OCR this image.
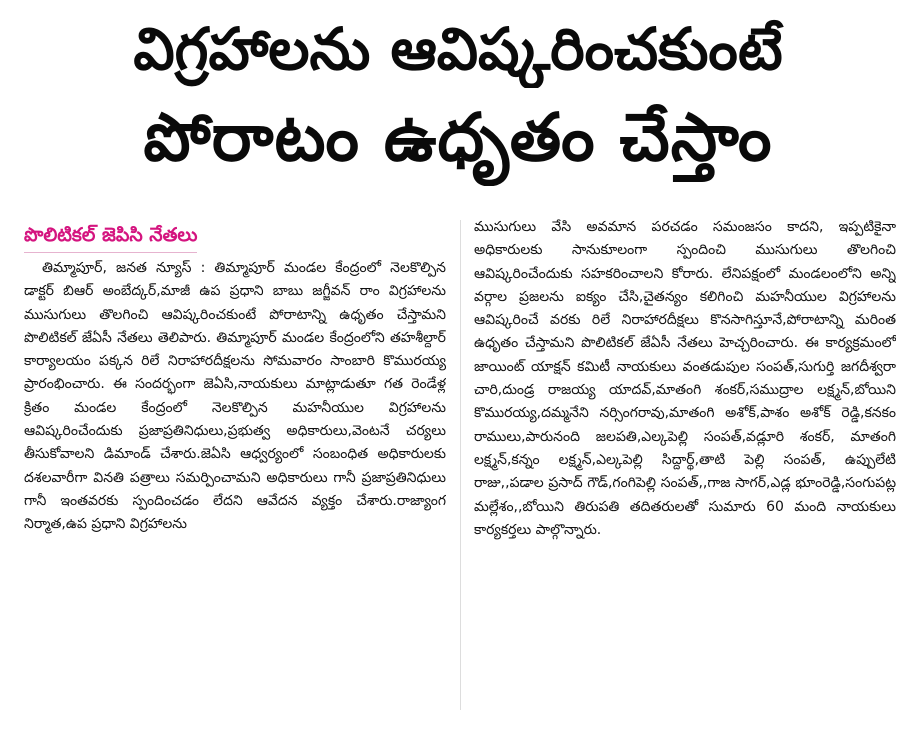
విగ్రహాలను ఆవిష్కరించకుంటే
పోరాటం ఉధృతం చేస్తాం
పొలిటికల్ జెపిసి నేతలు
తిమ్మాపూర్, జనత న్యూస్ : తిమ్మాపూర్ మండల కేంద్రంలో నెలకొల్పిన డాక్టర్ బిఆర్ అంబేద్కర్,మాజీ ఉప ప్రధాని బాబు జగ్జీవన్ రాం విగ్రహాలను ముసుగులు తొలగించి ఆవిష్కరించకుంటే పోరాటాన్ని ఉధృతం చేస్తామని పొలిటికల్ జేఏసీ నేతలు తెలిపారు. తిమ్మాపూర్ మండల కేంద్రంలోని తహశీల్దార్ కార్యాలయం పక్కన రిలే నిరాహారదీక్షలను సోమవారం సాంబారి కొమురయ్య ప్రారంభించారు. ఈ సందర్భంగా జెఏసి,నాయకులు మాట్లాడుతూ గత రెండేళ్ల క్రితం మండల కేంద్రంలో నెలకొల్పిన మహనీయుల విగ్రహాలను ఆవిష్కరించేందుకు ప్రజాప్రతినిధులు,ప్రభుత్వ అధికారులు,వెంటనే చర్యలు తీసుకోవాలని డిమాండ్ చేశారు.జెఏసి ఆధ్వర్యంలో సంబంధిత అధికారులకు దశలవారీగా వినతి పత్రాలు సమర్పించామని అధికారులు గానీ ప్రజాప్రతినిధులు గానీ ఇంతవరకు స్పందించడం లేదని ఆవేదన వ్యక్తం చేశారు.రాజ్యాంగ నిర్మాత,ఉప ప్రధాని విగ్రహాలను
ముసుగులు వేసి అవమాన పరచడం సమంజసం కాదని, ఇప్పటికైనా అధికారులకు సానుకూలంగా స్పందించి ముసుగులు తొలగించి ఆవిష్కరించేందుకు సహకరించాలని కోరారు. లేనిపక్షంలో మండలంలోని అన్ని వర్గాల ప్రజలను ఐక్యం చేసి,చైతన్యం కలిగించి మహనీయుల విగ్రహాలను ఆవిష్కరించే వరకు రిలే నిరాహారదీక్షలు కొనసాగిస్తూనే,పోరాటాన్ని మరింత ఉధృతం చేస్తామని పొలిటికల్ జేఏసీ నేతలు హెచ్చరించారు. ఈ కార్యక్రమంలో జాయింట్ యాక్షన్ కమిటీ నాయకులు వంతడుపుల సంపత్,సుగుర్తి జగదీశ్వరా చారి,దుండ్ర రాజయ్య యాదవ్,మాతంగి శంకర్,సముద్రాల లక్ష్మన్,బోయిని కొమురయ్య,దమ్మనేని నర్సింగరావు,మాతంగి అశోక్,పాశం అశోక్ రెడ్డి,కనకం రాములు,పారునంది జలపతి,ఎల్కపెల్లి సంపత్,వడ్లూరి శంకర్, మాతంగి లక్ష్మన్,కన్నం లక్ష్మన్,ఎల్కపెల్లి సిద్దార్థ్,తాటి పెల్లి సంపత్, ఉప్పులేటి రాజు,,పడాల ప్రసాద్ గౌడ్,గంగిపెల్లి సంపత్,,గాజ సాగర్,ఎడ్ల భూంరెడ్డి,సంగుపట్ల మల్లేశం,,బోయిని తిరుపతి తదితరులతో సుమారు 60 మంది నాయకులు కార్యకర్తలు పాల్గొన్నారు.
